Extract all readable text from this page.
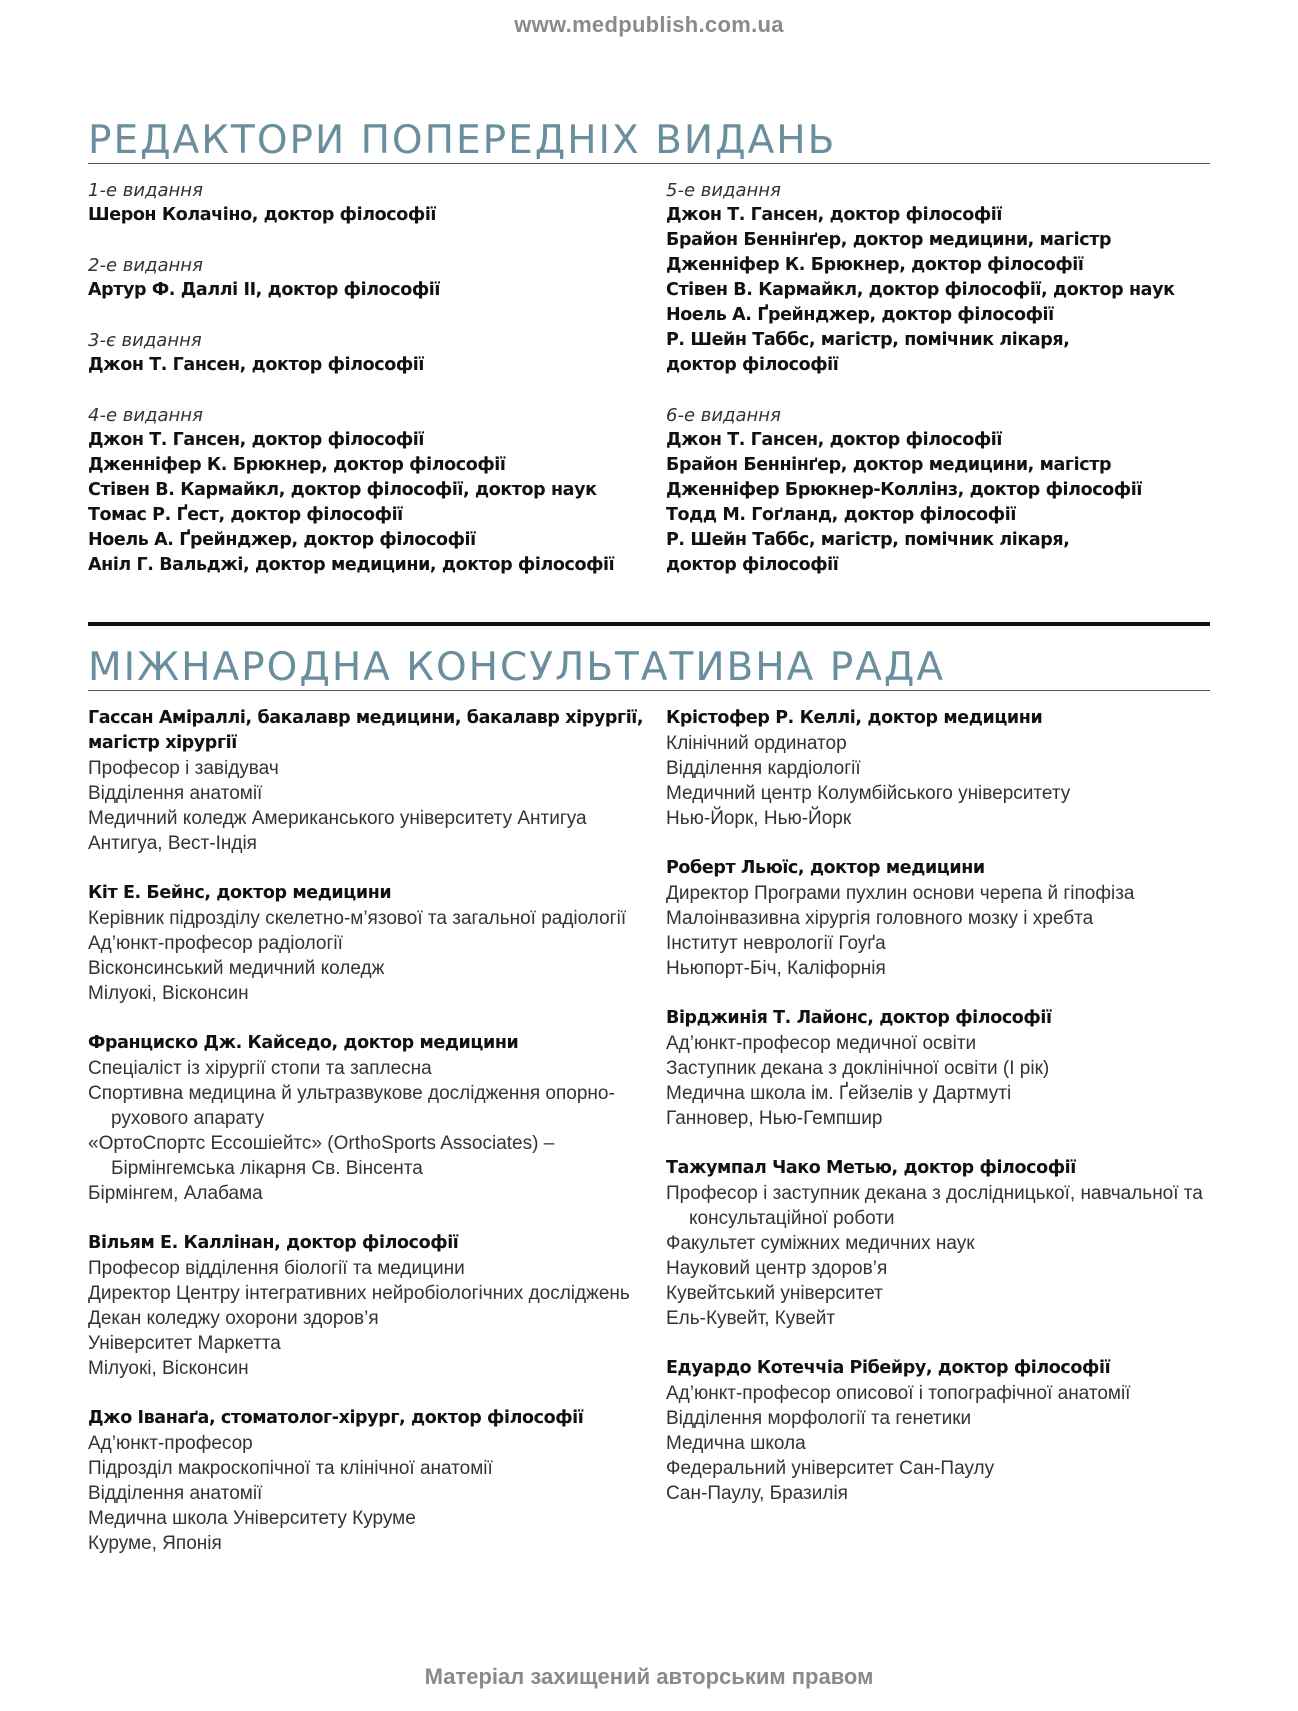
www.medpublish.com.ua
РЕДАКТОРИ ПОПЕРЕДНІХ ВИДАНЬ
1-е видання
Шерон Колачіно, доктор філософії
2-е видання
Артур Ф. Даллі ІІ, доктор філософії
3-є видання
Джон Т. Гансен, доктор філософії
4-е видання
Джон Т. Гансен, доктор філософії
Дженніфер К. Брюкнер, доктор філософії
Стівен В. Кармайкл, доктор філософії, доктор наук
Томас Р. Ґест, доктор філософії
Ноель А. Ґрейнджер, доктор філософії
Аніл Г. Вальджі, доктор медицини, доктор філософії
5-е видання
Джон Т. Гансен, доктор філософії
Брайон Беннінґер, доктор медицини, магістр
Дженніфер К. Брюкнер, доктор філософії
Стівен В. Кармайкл, доктор філософії, доктор наук
Ноель А. Ґрейнджер, доктор філософії
Р. Шейн Таббс, магістр, помічник лікаря,
доктор філософії
6-е видання
Джон Т. Гансен, доктор філософії
Брайон Беннінґер, доктор медицини, магістр
Дженніфер Брюкнер-Коллінз, доктор філософії
Тодд М. Гоґланд, доктор філософії
Р. Шейн Таббс, магістр, помічник лікаря,
доктор філософії
МІЖНАРОДНА КОНСУЛЬТАТИВНА РАДА
Гассан Аміраллі, бакалавр медицини, бакалавр хірургії, магістр хірургії
Професор і завідувач
Відділення анатомії
Медичний коледж Американського університету Антигуа
Антигуа, Вест-Індія
Кіт Е. Бейнс, доктор медицини
Керівник підрозділу скелетно-м’язової та загальної радіології
Ад’юнкт-професор радіології
Вісконсинський медичний коледж
Мілуокі, Вісконсин
Франциско Дж. Кайседо, доктор медицини
Спеціаліст із хірургії стопи та заплесна
Спортивна медицина й ультразвукове дослідження опорно-рухового апарату
«ОртоСпортс Ессошіейтс» (OrthoSports Associates) – Бірмінгемська лікарня Св. Вінсента
Бірмінгем, Алабама
Вільям Е. Каллінан, доктор філософії
Професор відділення біології та медицини
Директор Центру інтегративних нейробіологічних досліджень
Декан коледжу охорони здоров’я
Університет Маркетта
Мілуокі, Вісконсин
Джо Іванаґа, стоматолог-хірург, доктор філософії
Ад’юнкт-професор
Підрозділ макроскопічної та клінічної анатомії
Відділення анатомії
Медична школа Університету Куруме
Куруме, Японія
Крістофер Р. Келлі, доктор медицини
Клінічний ординатор
Відділення кардіології
Медичний центр Колумбійського університету
Нью-Йорк, Нью-Йорк
Роберт Льюїс, доктор медицини
Директор Програми пухлин основи черепа й гіпофіза
Малоінвазивна хірургія головного мозку і хребта
Інститут неврології Гоуґа
Ньюпорт-Біч, Каліфорнія
Вірджинія Т. Лайонс, доктор філософії
Ад’юнкт-професор медичної освіти
Заступник декана з доклінічної освіти (І рік)
Медична школа ім. Ґейзелів у Дартмуті
Ганновер, Нью-Гемпшир
Тажумпал Чако Метью, доктор філософії
Професор і заступник декана з дослідницької, навчальної та консультаційної роботи
Факультет суміжних медичних наук
Науковий центр здоров’я
Кувейтський університет
Ель-Кувейт, Кувейт
Едуардо Котеччіа Рібейру, доктор філософії
Ад’юнкт-професор описової і топографічної анатомії
Відділення морфології та генетики
Медична школа
Федеральний університет Сан-Паулу
Сан-Паулу, Бразилія
Матеріал захищений авторським правом
